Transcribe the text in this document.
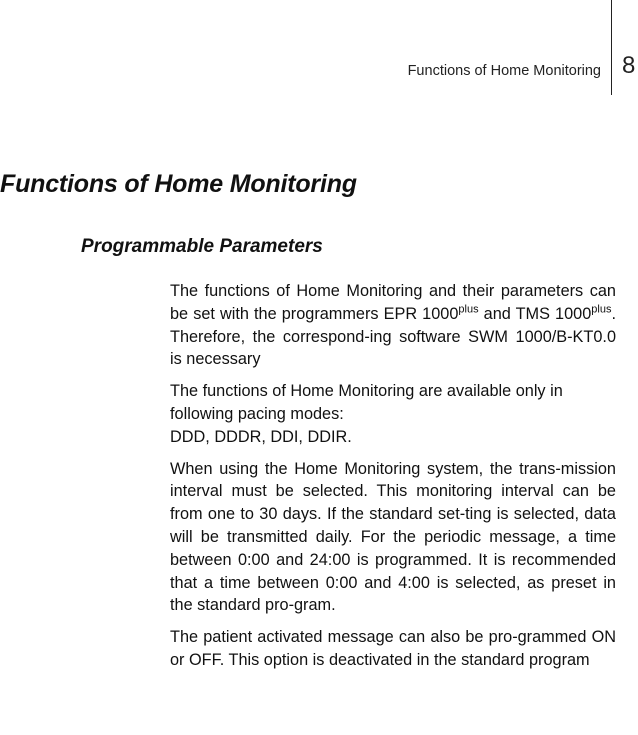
Functions of Home Monitoring 8
Functions of Home Monitoring
Programmable Parameters

The functions of Home Monitoring and their parameters can be set with the programmers EPR $1000^{plus}$ and TMS $1000^{plus}$. Therefore, the correspond-ing software SWM 1000/B-KT0.0 is necessary

The functions of Home Monitoring are available only in following pacing modes:
DDD, DDDR, DDI, DDIR.

When using the Home Monitoring system, the trans-mission interval must be selected. This monitoring interval can be from one to 30 days. If the standard set-ting is selected, data will be transmitted daily. For the periodic message, a time between 0:00 and 24:00 is programmed. It is recommended that a time between 0:00 and 4:00 is selected, as preset in the standard pro-gram.

The patient activated message can also be pro-grammed ON or OFF. This option is deactivated in the standard program
